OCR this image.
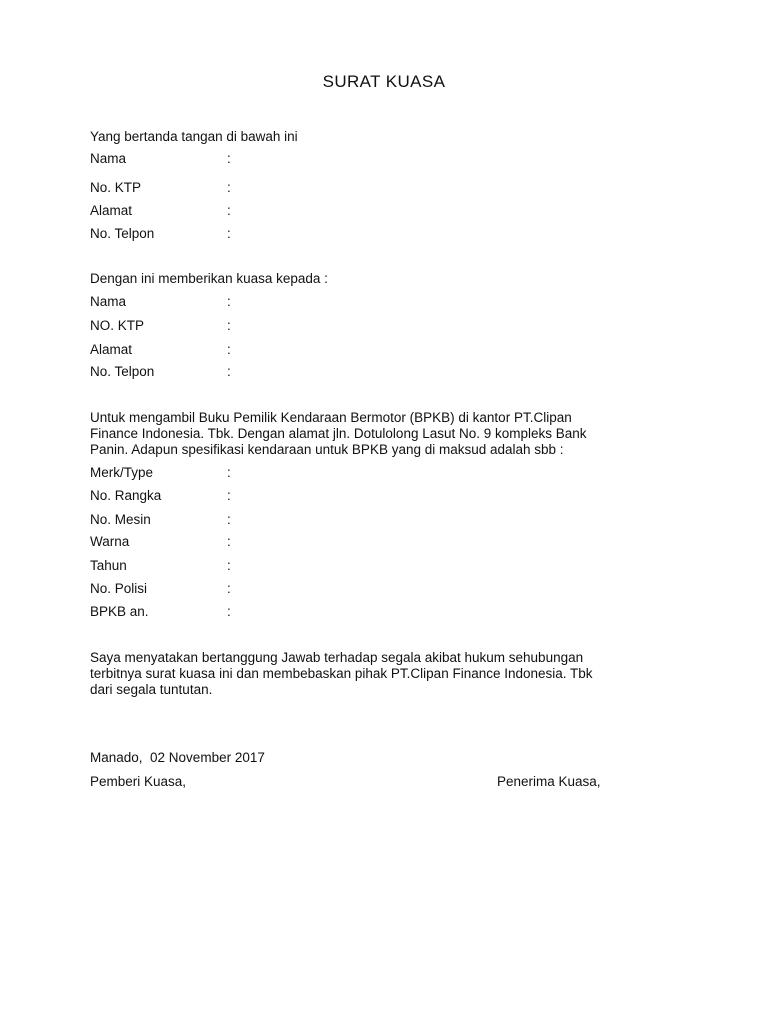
SURAT KUASA
Yang bertanda tangan di bawah ini
Nama	:
No. KTP	:
Alamat	:
No. Telpon	:
Dengan ini memberikan kuasa kepada :
Nama	:
NO. KTP	:
Alamat	:
No. Telpon	:
Untuk mengambil Buku Pemilik Kendaraan Bermotor (BPKB) di kantor PT.Clipan
Finance Indonesia. Tbk. Dengan alamat jln. Dotulolong Lasut No. 9 kompleks Bank
Panin. Adapun spesifikasi kendaraan untuk BPKB yang di maksud adalah sbb :
Merk/Type	:
No. Rangka	:
No. Mesin	:
Warna	:
Tahun	:
No. Polisi	:
BPKB an.	:
Saya menyatakan bertanggung Jawab terhadap segala akibat hukum sehubungan
terbitnya surat kuasa ini dan membebaskan pihak PT.Clipan Finance Indonesia. Tbk
dari segala tuntutan.
Manado,  02 November 2017
Pemberi Kuasa,	Penerima Kuasa,
